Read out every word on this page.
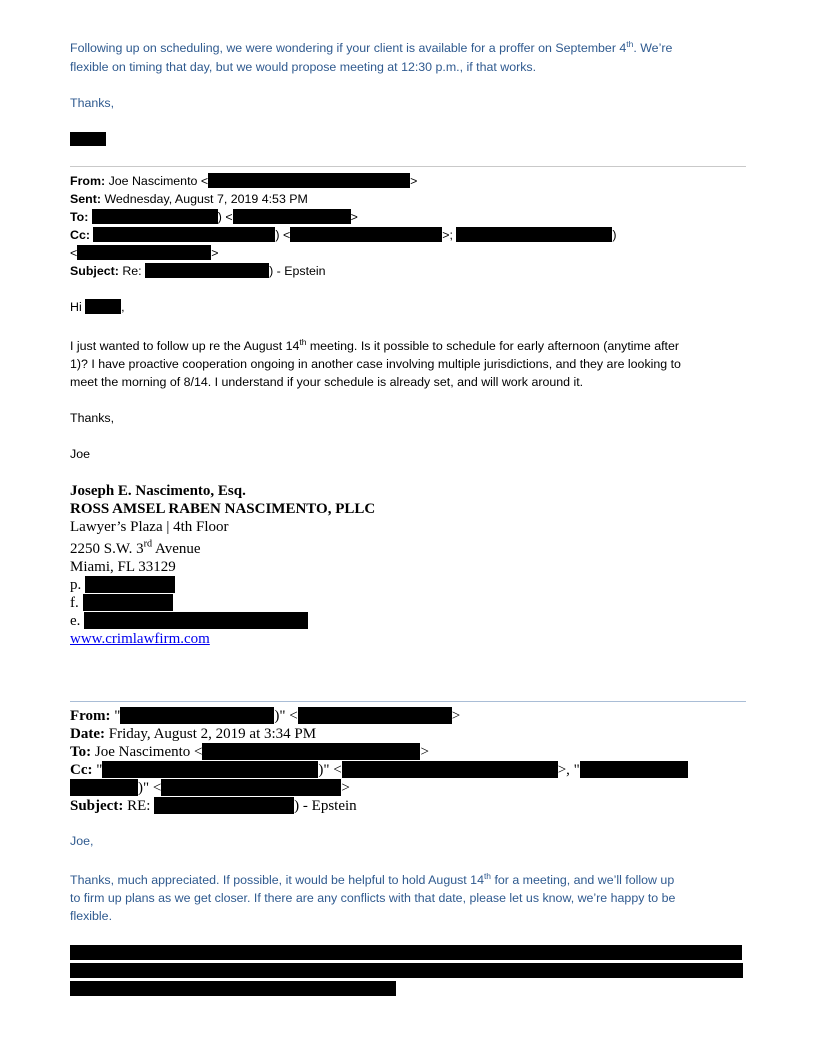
Following up on scheduling, we were wondering if your client is available for a proffer on September 4th. We’re
flexible on timing that day, but we would propose meeting at 12:30 p.m., if that works.
Thanks,
From: Joe Nascimento <	>
Sent: Wednesday, August 7, 2019 4:53 PM
To:	) <	>
Cc:	) <	>;	)
<	>
Subject: Re:	) - Epstein
Hi	,
I just wanted to follow up re the August 14th meeting. Is it possible to schedule for early afternoon (anytime after
1)? I have proactive cooperation ongoing in another case involving multiple jurisdictions, and they are looking to
meet the morning of 8/14. I understand if your schedule is already set, and will work around it.
Thanks,
Joe
Joseph E. Nascimento, Esq.
ROSS AMSEL RABEN NASCIMENTO, PLLC
Lawyer’s Plaza | 4th Floor
2250 S.W. 3rd Avenue
Miami, FL 33129
p.
f.
e.
www.crimlawfirm.com
From: "	)" <	>
Date: Friday, August 2, 2019 at 3:34 PM
To: Joe Nascimento <	>
Cc: "	)" <	>, "
)" <	>
Subject: RE:	) - Epstein
Joe,
Thanks, much appreciated. If possible, it would be helpful to hold August 14th for a meeting, and we’ll follow up
to firm up plans as we get closer. If there are any conflicts with that date, please let us know, we’re happy to be
flexible.
